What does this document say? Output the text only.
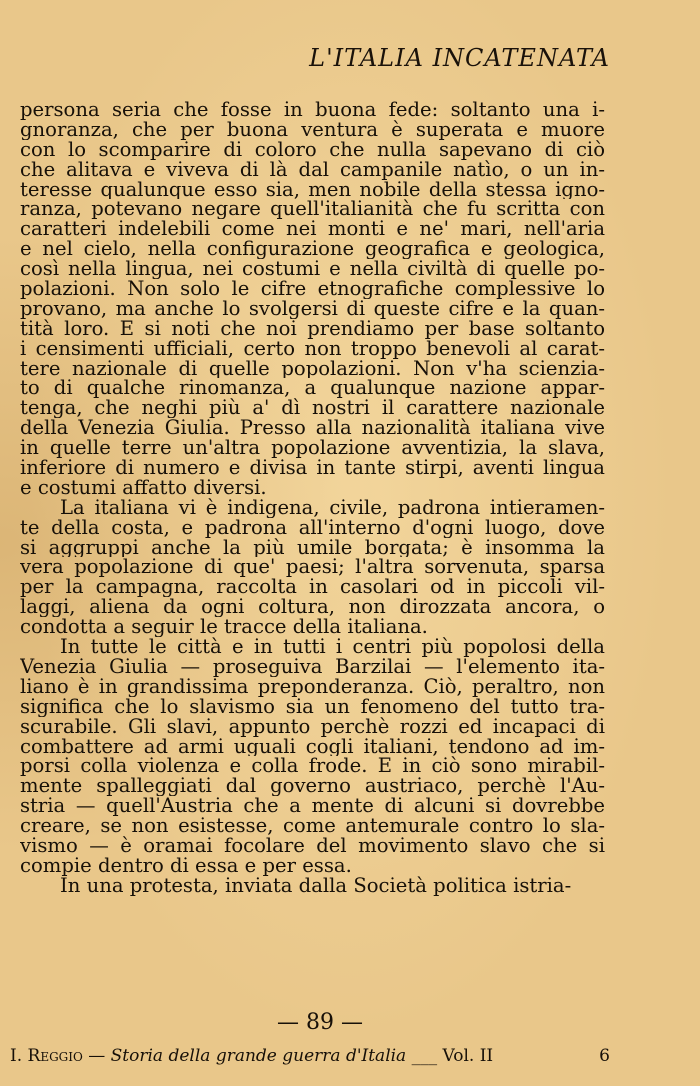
L'ITALIA INCATENATA
persona seria che fosse in buona fede: soltanto una i-
gnoranza, che per buona ventura è superata e muore
con lo scomparire di coloro che nulla sapevano di ciò
che alitava e viveva di là dal campanile natìo, o un in-
teresse qualunque esso sia, men nobile della stessa igno-
ranza, potevano negare quell'italianità che fu scritta con
caratteri indelebili come nei monti e ne' mari, nell'aria
e nel cielo, nella configurazione geografica e geologica,
così nella lingua, nei costumi e nella civiltà di quelle po-
polazioni. Non solo le cifre etnografiche complessive lo
provano, ma anche lo svolgersi di queste cifre e la quan-
tità loro. E si noti che noi prendiamo per base soltanto
i censimenti ufficiali, certo non troppo benevoli al carat-
tere nazionale di quelle popolazioni. Non v'ha scienzia-
to di qualche rinomanza, a qualunque nazione appar-
tenga, che neghi più a' dì nostri il carattere nazionale
della Venezia Giulia. Presso alla nazionalità italiana vive
in quelle terre un'altra popolazione avventizia, la slava,
inferiore di numero e divisa in tante stirpi, aventi lingua
e costumi affatto diversi.
La italiana vi è indigena, civile, padrona intieramen-
te della costa, e padrona all'interno d'ogni luogo, dove
si aggruppi anche la più umile borgata; è insomma la
vera popolazione di que' paesi; l'altra sorvenuta, sparsa
per la campagna, raccolta in casolari od in piccoli vil-
laggi, aliena da ogni coltura, non dirozzata ancora, o
condotta a seguir le tracce della italiana.
In tutte le città e in tutti i centri più popolosi della
Venezia Giulia — proseguiva Barzilai — l'elemento ita-
liano è in grandissima preponderanza. Ciò, peraltro, non
significa che lo slavismo sia un fenomeno del tutto tra-
scurabile. Gli slavi, appunto perchè rozzi ed incapaci di
combattere ad armi uguali cogli italiani, tendono ad im-
porsi colla violenza e colla frode. E in ciò sono mirabil-
mente spalleggiati dal governo austriaco, perchè l'Au-
stria — quell'Austria che a mente di alcuni si dovrebbe
creare, se non esistesse, come antemurale contro lo sla-
vismo — è oramai focolare del movimento slavo che si
compie dentro di essa e per essa.
In una protesta, inviata dalla Società politica istria-
— 89 —
I. Reggio — Storia della grande guerra d'Italia ___ Vol. II	6
